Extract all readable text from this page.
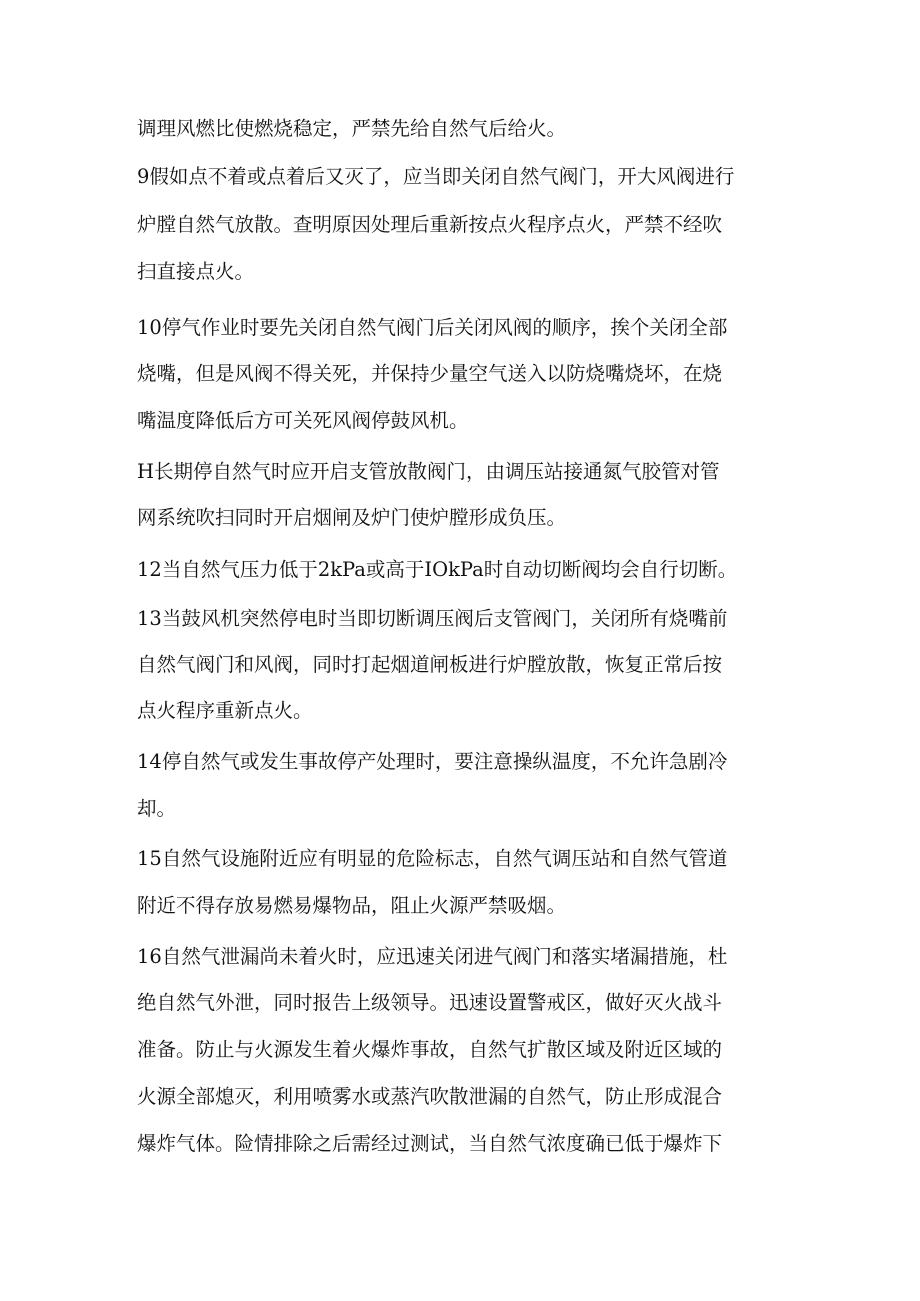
调理风燃比使燃烧稳定，严禁先给自然气后给火。

9假如点不着或点着后又灭了，应当即关闭自然气阀门，开大风阀进行

炉膛自然气放散。查明原因处理后重新按点火程序点火，严禁不经吹

扫直接点火。

10停气作业时要先关闭自然气阀门后关闭风阀的顺序，挨个关闭全部

烧嘴，但是风阀不得关死，并保持少量空气送入以防烧嘴烧坏，在烧

嘴温度降低后方可关死风阀停鼓风机。

H长期停自然气时应开启支管放散阀门，由调压站接通氮气胶管对管

网系统吹扫同时开启烟闸及炉门使炉膛形成负压。

12当自然气压力低于2kPa或高于IOkPa时自动切断阀均会自行切断。

13当鼓风机突然停电时当即切断调压阀后支管阀门，关闭所有烧嘴前

自然气阀门和风阀，同时打起烟道闸板进行炉膛放散，恢复正常后按

点火程序重新点火。

14停自然气或发生事故停产处理时，要注意操纵温度，不允许急剧冷

却。

15自然气设施附近应有明显的危险标志，自然气调压站和自然气管道

附近不得存放易燃易爆物品，阻止火源严禁吸烟。

16自然气泄漏尚未着火时，应迅速关闭进气阀门和落实堵漏措施，杜

绝自然气外泄，同时报告上级领导。迅速设置警戒区，做好灭火战斗

准备。防止与火源发生着火爆炸事故，自然气扩散区域及附近区域的

火源全部熄灭，利用喷雾水或蒸汽吹散泄漏的自然气，防止形成混合

爆炸气体。险情排除之后需经过测试，当自然气浓度确已低于爆炸下
